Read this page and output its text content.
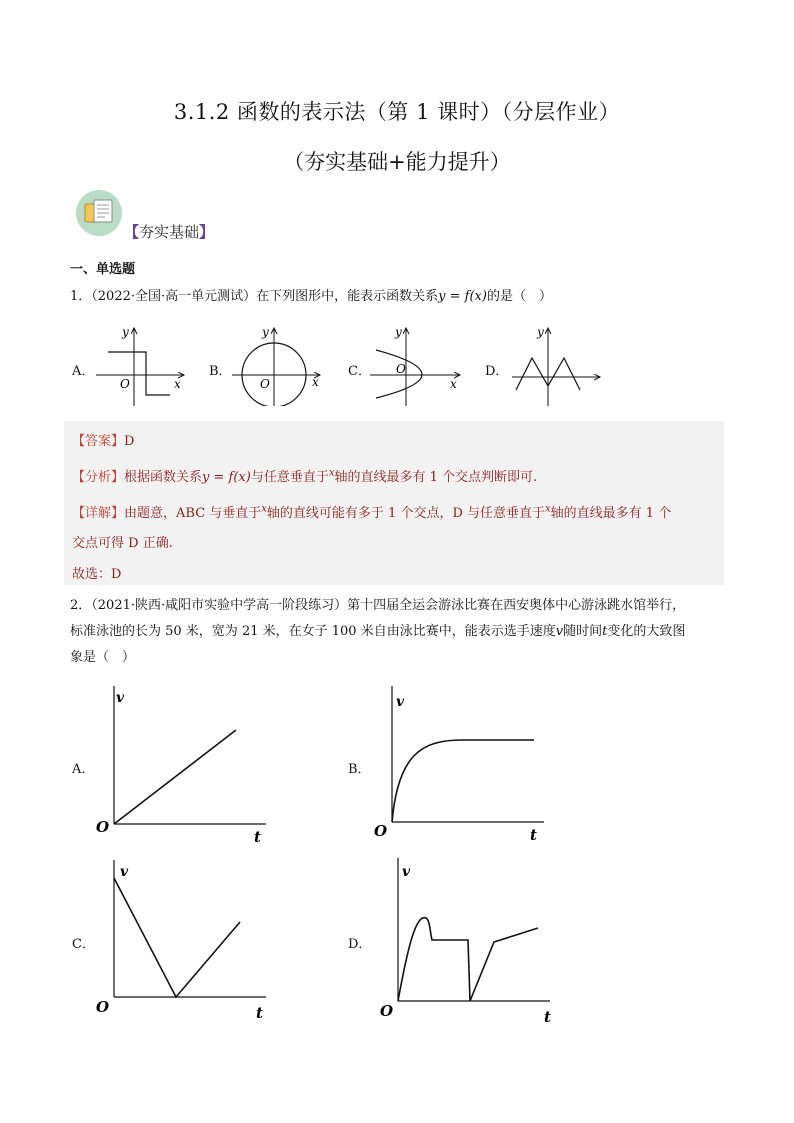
3.1.2 函数的表示法（第 1 课时）（分层作业）
（夯实基础+能力提升）
【夯实基础】
一、单选题
1．（2022·全国·高一单元测试）在下列图形中，能表示函数关系y = f(x)的是（　）
A．	B．	C．	D．
O	x
y
O	x
y
O
x
y	y
【答案】D
【分析】根据函数关系y = f(x)与任意垂直于$^x$轴的直线最多有 1 个交点判断即可.
【详解】由题意，ABC 与垂直于$^x$轴的直线可能有多于 1 个交点，D 与任意垂直于$^x$轴的直线最多有 1 个
交点可得 D 正确.
故选：D
2．（2021·陕西·咸阳市实验中学高一阶段练习）第十四届全运会游泳比赛在西安奥体中心游泳跳水馆举行，
标准泳池的长为 50 米，宽为 21 米，在女子 100 米自由泳比赛中，能表示选手速度v随时间t变化的大致图
象是（　）
A．	B．
C．	D．
v
O
t
v
O	t
v
O	t
v
O	t
